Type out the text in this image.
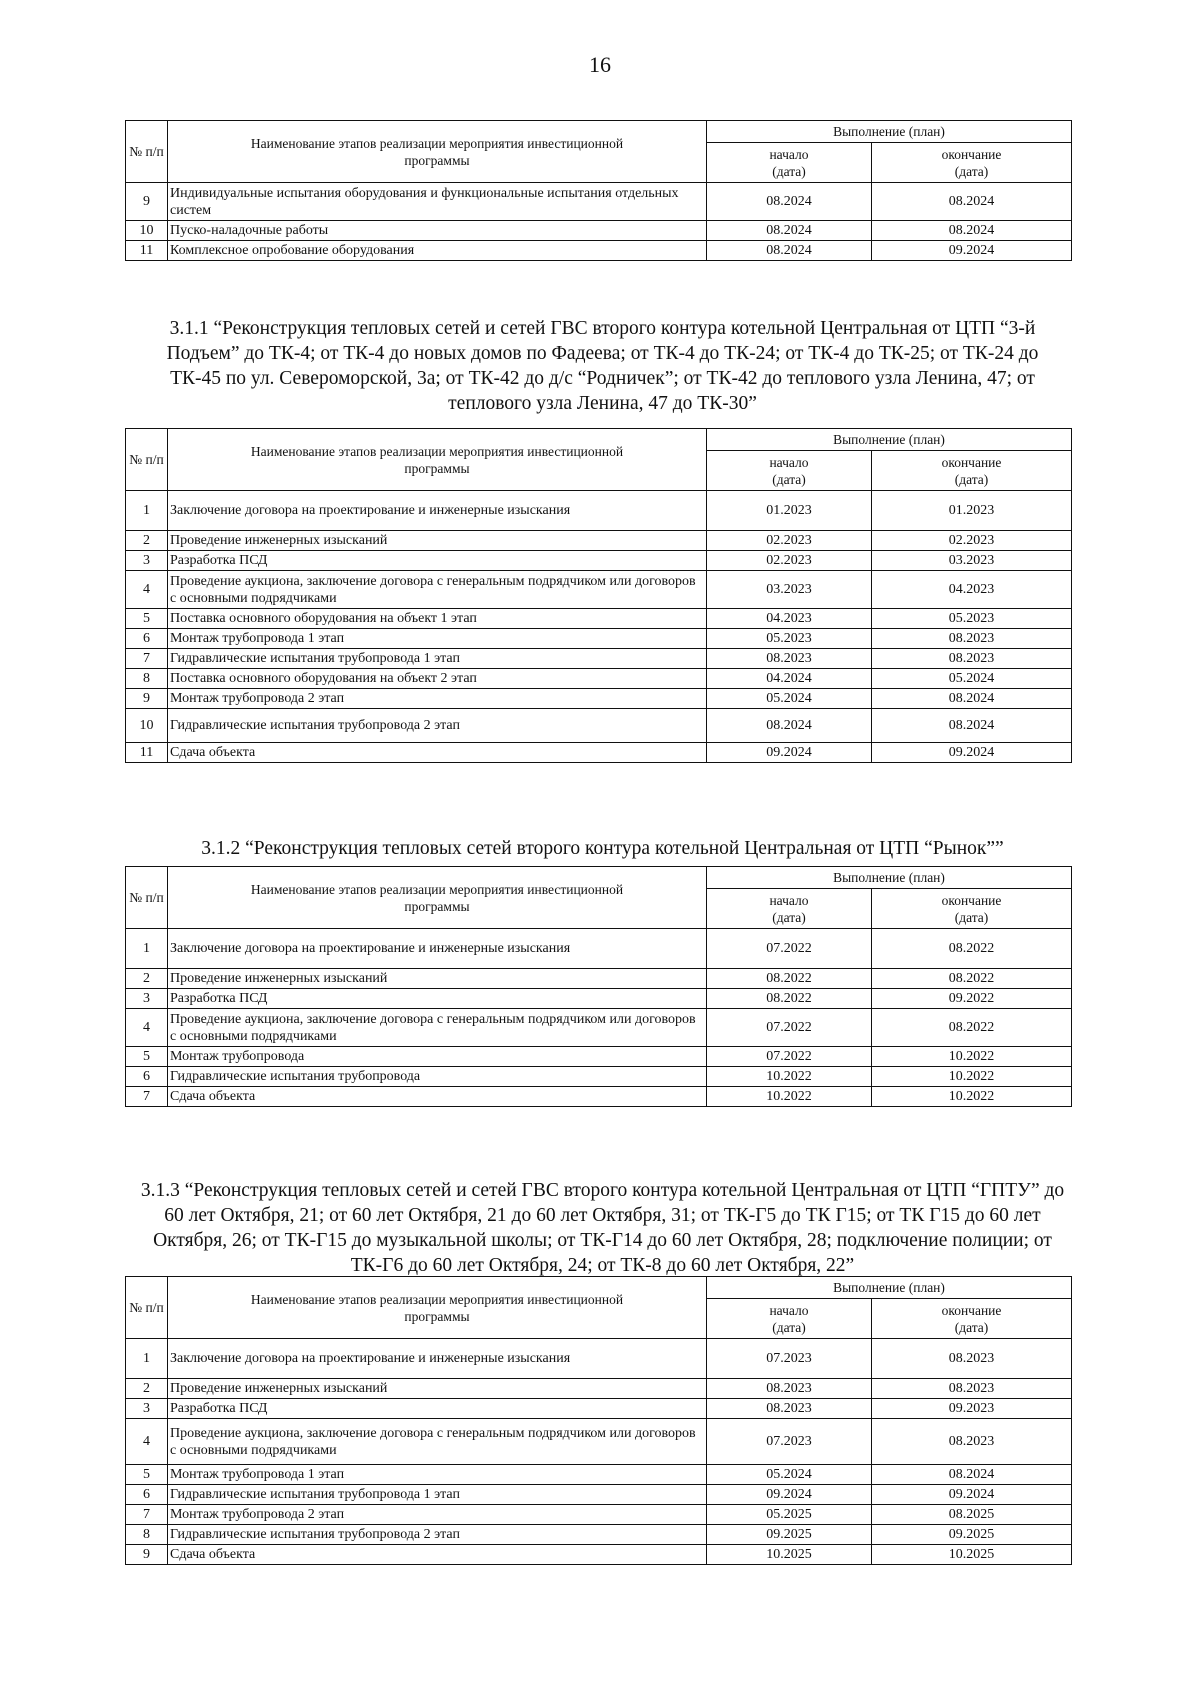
16
3.1.1 “Реконструкция тепловых сетей и сетей ГВС второго контура котельной Центральная от ЦТП “3-й Подъем” до ТК-4; от ТК-4 до новых домов по Фадеева; от ТК-4 до ТК-24; от ТК-4 до ТК-25; от ТК-24 до ТК-45 по ул. Североморской, 3а; от ТК-42 до д/с “Родничек”; от ТК-42 до теплового узла Ленина, 47; от теплового узла Ленина, 47 до ТК-30”
3.1.2 “Реконструкция тепловых сетей второго контура котельной Центральная от ЦТП “Рынок””
3.1.3 “Реконструкция тепловых сетей и сетей ГВС второго контура котельной Центральная от ЦТП “ГПТУ” до 60 лет Октября, 21; от 60 лет Октября, 21 до 60 лет Октября, 31; от ТК-Г5 до ТК Г15; от ТК Г15 до 60 лет Октября, 26; от ТК-Г15 до музыкальной школы; от ТК-Г14 до 60 лет Октября, 28; подключение полиции; от ТК-Г6 до 60 лет Октября, 24; от ТК-8 до 60 лет Октября, 22”
№ п/п	Наименование этапов реализации мероприятия инвестиционной программы	Выполнение (план)	
		начало (дата)	окончание (дата)
9	Индивидуальные испытания оборудования и функциональные испытания отдельных систем	08.2024	08.2024
10	Пуско-наладочные работы	08.2024	08.2024
11	Комплексное опробование оборудования	08.2024	09.2024
№ п/п	Наименование этапов реализации мероприятия инвестиционной программы	Выполнение (план)	
		начало (дата)	окончание (дата)
1	Заключение договора на проектирование и инженерные изыскания	01.2023	01.2023
2	Проведение инженерных изысканий	02.2023	02.2023
3	Разработка ПСД	02.2023	03.2023
4	Проведение аукциона, заключение договора с генеральным подрядчиком или договоров с основными подрядчиками	03.2023	04.2023
5	Поставка основного оборудования на объект 1 этап	04.2023	05.2023
6	Монтаж трубопровода 1 этап	05.2023	08.2023
7	Гидравлические испытания трубопровода 1 этап	08.2023	08.2023
8	Поставка основного оборудования на объект 2 этап	04.2024	05.2024
9	Монтаж трубопровода 2 этап	05.2024	08.2024
10	Гидравлические испытания трубопровода 2 этап	08.2024	08.2024
11	Сдача объекта	09.2024	09.2024
№ п/п	Наименование этапов реализации мероприятия инвестиционной программы	Выполнение (план)	
		начало (дата)	окончание (дата)
1	Заключение договора на проектирование и инженерные изыскания	07.2022	08.2022
2	Проведение инженерных изысканий	08.2022	08.2022
3	Разработка ПСД	08.2022	09.2022
4	Проведение аукциона, заключение договора с генеральным подрядчиком или договоров с основными подрядчиками	07.2022	08.2022
5	Монтаж трубопровода	07.2022	10.2022
6	Гидравлические испытания трубопровода	10.2022	10.2022
7	Сдача объекта	10.2022	10.2022
№ п/п	Наименование этапов реализации мероприятия инвестиционной программы	Выполнение (план)	
		начало (дата)	окончание (дата)
1	Заключение договора на проектирование и инженерные изыскания	07.2023	08.2023
2	Проведение инженерных изысканий	08.2023	08.2023
3	Разработка ПСД	08.2023	09.2023
4	Проведение аукциона, заключение договора с генеральным подрядчиком или договоров с основными подрядчиками	07.2023	08.2023
5	Монтаж трубопровода 1 этап	05.2024	08.2024
6	Гидравлические испытания трубопровода 1 этап	09.2024	09.2024
7	Монтаж трубопровода 2 этап	05.2025	08.2025
8	Гидравлические испытания трубопровода 2 этап	09.2025	09.2025
9	Сдача объекта	10.2025	10.2025
